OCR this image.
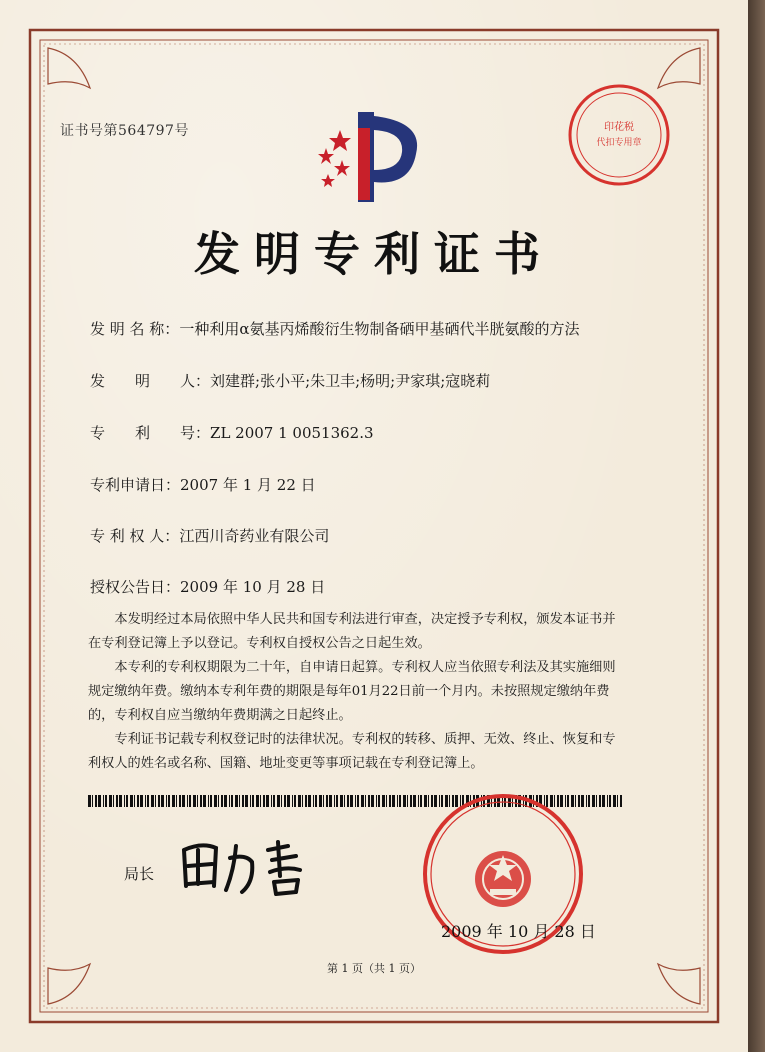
印花税
代扣专用章
证书号第564797号
发明专利证书
发 明 名 称：一种利用α氨基丙烯酸衍生物制备硒甲基硒代半胱氨酸的方法
发　　明　　人：刘建群;张小平;朱卫丰;杨明;尹家琪;寇晓莉
专　　利　　号：ZL 2007 1 0051362.3
专利申请日：2007 年 1 月 22 日
专 利 权 人：江西川奇药业有限公司
授权公告日：2009 年 10 月 28 日

本发明经过本局依照中华人民共和国专利法进行审查，决定授予专利权，颁发本证书并在专利登记簿上予以登记。专利权自授权公告之日起生效。

本专利的专利权期限为二十年，自申请日起算。专利权人应当依照专利法及其实施细则规定缴纳年费。缴纳本专利年费的期限是每年01月22日前一个月内。未按照规定缴纳年费的，专利权自应当缴纳年费期满之日起终止。

专利证书记载专利权登记时的法律状况。专利权的转移、质押、无效、终止、恢复和专利权人的姓名或名称、国籍、地址变更等事项记载在专利登记簿上。

局长
2009 年 10 月 28 日
第 1 页（共 1 页）
